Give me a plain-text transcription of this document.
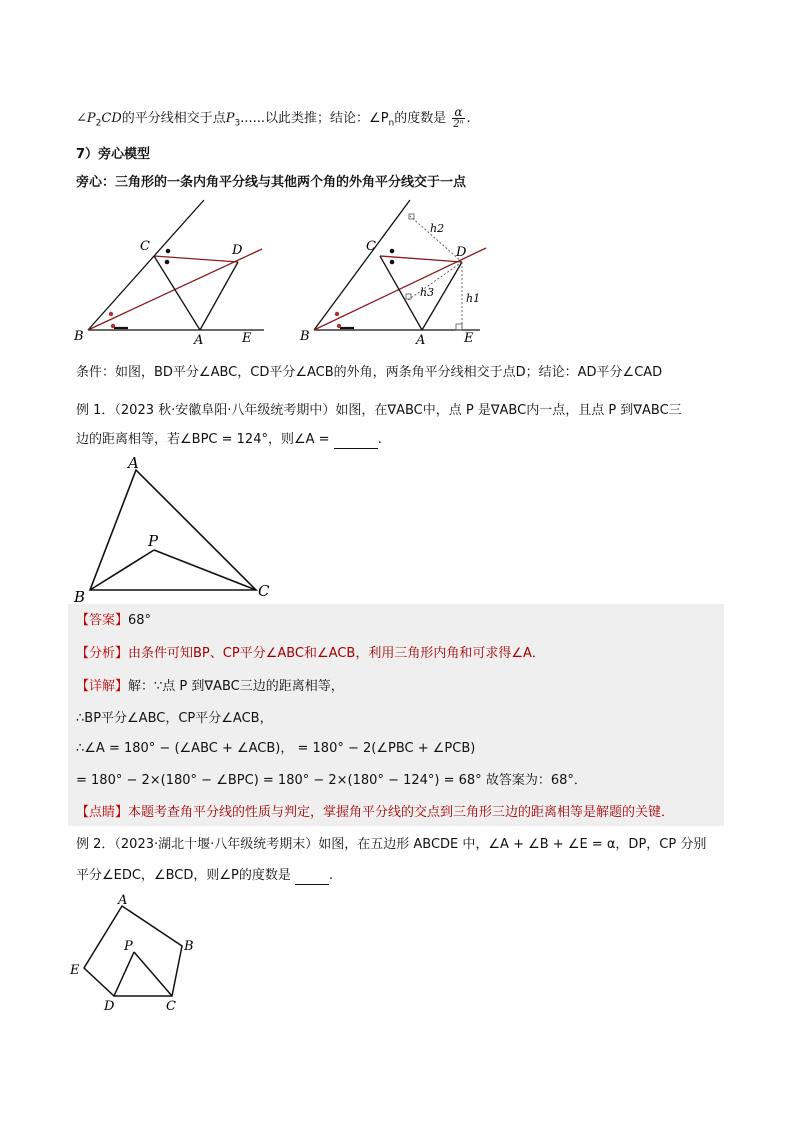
$\angle P_2CD$的平分线相交于点$P_3$......以此类推；结论：$\angle P_n$的度数是 $\frac{\alpha}{\text{2ⁿ}}$ .
7）旁心模型
旁心：三角形的一条内角平分线与其他两个角的外角平分线交于一点
B	A	E
C	D
B	A	E
C	D
h1
h2
h3
条件：如图，BD平分∠ABC，CD平分∠ACB的外角，两条角平分线相交于点D；结论：AD平分∠CAD
例 1．（2023 秋·安徽阜阳·八年级统考期中）如图，在∇ABC中，点 P 是∇ABC内一点，且点 P 到∇ABC三
边的距离相等，若∠BPC = 124°，则∠A =	.
A
P
B	C
【答案】68°
【分析】由条件可知BP、CP平分∠ABC和∠ACB，利用三角形内角和可求得∠A．
【详解】解：∵点 P 到∇ABC三边的距离相等，
∴BP平分∠ABC，CP平分∠ACB，
∴∠A = 180° − (∠ABC + ∠ACB)， = 180° − 2(∠PBC + ∠PCB)
= 180° − 2×(180° − ∠BPC) = 180° − 2×(180° − 124°) = 68° 故答案为：68°．
【点睛】本题考查角平分线的性质与判定，掌握角平分线的交点到三角形三边的距离相等是解题的关键．
例 2．（2023·湖北十堰·八年级统考期末）如图，在五边形 ABCDE 中，∠A + ∠B + ∠E = α，DP，CP 分别
平分∠EDC，∠BCD，则∠P的度数是	.
A
B
C
D
E
P
